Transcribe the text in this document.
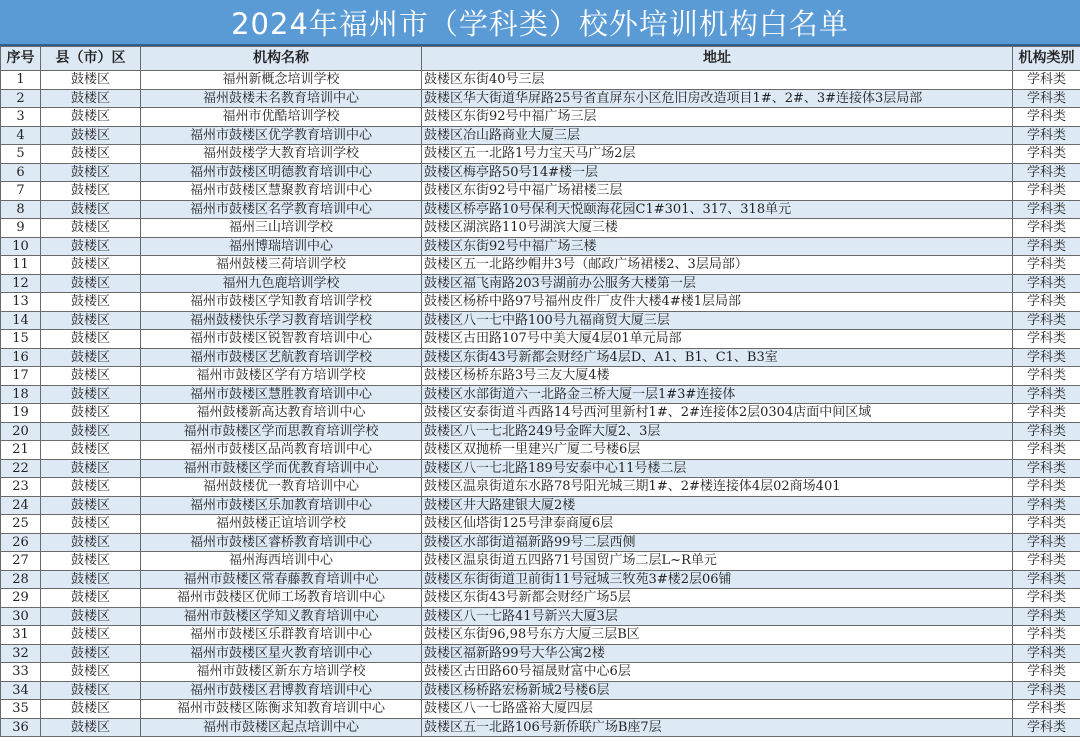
2024年福州市（学科类）校外培训机构白名单
序号	县（市）区	机构名称	地址	机构类别
1	鼓楼区	福州新概念培训学校	鼓楼区东街40号三层	学科类
2	鼓楼区	福州鼓楼未名教育培训中心	鼓楼区华大街道华屏路25号省直屏东小区危旧房改造项目1#、2#、3#连接体3层局部	学科类
3	鼓楼区	福州市优酷培训学校	鼓楼区东街92号中福广场三层	学科类
4	鼓楼区	福州市鼓楼区优学教育培训中心	鼓楼区冶山路商业大厦三层	学科类
5	鼓楼区	福州鼓楼学大教育培训学校	鼓楼区五一北路1号力宝天马广场2层	学科类
6	鼓楼区	福州市鼓楼区明德教育培训中心	鼓楼区梅亭路50号14#楼一层	学科类
7	鼓楼区	福州市鼓楼区慧聚教育培训中心	鼓楼区东街92号中福广场裙楼三层	学科类
8	鼓楼区	福州市鼓楼区名学教育培训中心	鼓楼区桥亭路10号保利天悦颐海花园C1#301、317、318单元	学科类
9	鼓楼区	福州三山培训学校	鼓楼区湖滨路110号湖滨大厦三楼	学科类
10	鼓楼区	福州博瑞培训中心	鼓楼区东街92号中福广场三楼	学科类
11	鼓楼区	福州鼓楼三荷培训学校	鼓楼区五一北路纱帽井3号（邮政广场裙楼2、3层局部）	学科类
12	鼓楼区	福州九色鹿培训学校	鼓楼区福飞南路203号湖前办公服务大楼第一层	学科类
13	鼓楼区	福州市鼓楼区学知教育培训学校	鼓楼区杨桥中路97号福州皮件厂皮件大楼4#楼1层局部	学科类
14	鼓楼区	福州鼓楼快乐学习教育培训学校	鼓楼区八一七中路100号九福商贸大厦三层	学科类
15	鼓楼区	福州市鼓楼区锐智教育培训中心	鼓楼区古田路107号中美大厦4层01单元局部	学科类
16	鼓楼区	福州市鼓楼区艺航教育培训学校	鼓楼区东街43号新都会财经广场4层D、A1、B1、C1、B3室	学科类
17	鼓楼区	福州市鼓楼区学有方培训学校	鼓楼区杨桥东路3号三友大厦4楼	学科类
18	鼓楼区	福州市鼓楼区慧胜教育培训中心	鼓楼区水部街道六一北路金三桥大厦一层1#3#连接体	学科类
19	鼓楼区	福州鼓楼新高达教育培训中心	鼓楼区安泰街道斗西路14号西河里新村1#、2#连接体2层0304店面中间区域	学科类
20	鼓楼区	福州市鼓楼区学而思教育培训学校	鼓楼区八一七北路249号金晖大厦2、3层	学科类
21	鼓楼区	福州市鼓楼区品尚教育培训中心	鼓楼区双抛桥一里建兴广厦二号楼6层	学科类
22	鼓楼区	福州市鼓楼区学而优教育培训中心	鼓楼区八一七北路189号安泰中心11号楼二层	学科类
23	鼓楼区	福州鼓楼优一教育培训中心	鼓楼区温泉街道东水路78号阳光城三期1#、2#楼连接体4层02商场401	学科类
24	鼓楼区	福州市鼓楼区乐加教育培训中心	鼓楼区井大路建银大厦2楼	学科类
25	鼓楼区	福州鼓楼正谊培训学校	鼓楼区仙塔街125号津泰商厦6层	学科类
26	鼓楼区	福州市鼓楼区睿桥教育培训中心	鼓楼区水部街道福新路99号二层西侧	学科类
27	鼓楼区	福州海西培训中心	鼓楼区温泉街道五四路71号国贸广场二层L~R单元	学科类
28	鼓楼区	福州市鼓楼区常春藤教育培训中心	鼓楼区东街街道卫前街11号冠城三牧苑3#楼2层06铺	学科类
29	鼓楼区	福州市鼓楼区优师工场教育培训中心	鼓楼区东街43号新都会财经广场5层	学科类
30	鼓楼区	福州市鼓楼区学知义教育培训中心	鼓楼区八一七路41号新兴大厦3层	学科类
31	鼓楼区	福州市鼓楼区乐群教育培训中心	鼓楼区东街96,98号东方大厦三层B区	学科类
32	鼓楼区	福州市鼓楼区星火教育培训中心	鼓楼区福新路99号大华公寓2楼	学科类
33	鼓楼区	福州市鼓楼区新东方培训学校	鼓楼区古田路60号福晟财富中心6层	学科类
34	鼓楼区	福州市鼓楼区君博教育培训中心	鼓楼区杨桥路宏杨新城2号楼6层	学科类
35	鼓楼区	福州市鼓楼区陈衡求知教育培训中心	鼓楼区八一七路盛裕大厦四层	学科类
36	鼓楼区	福州市鼓楼区起点培训中心	鼓楼区五一北路106号新侨联广场B座7层	学科类
